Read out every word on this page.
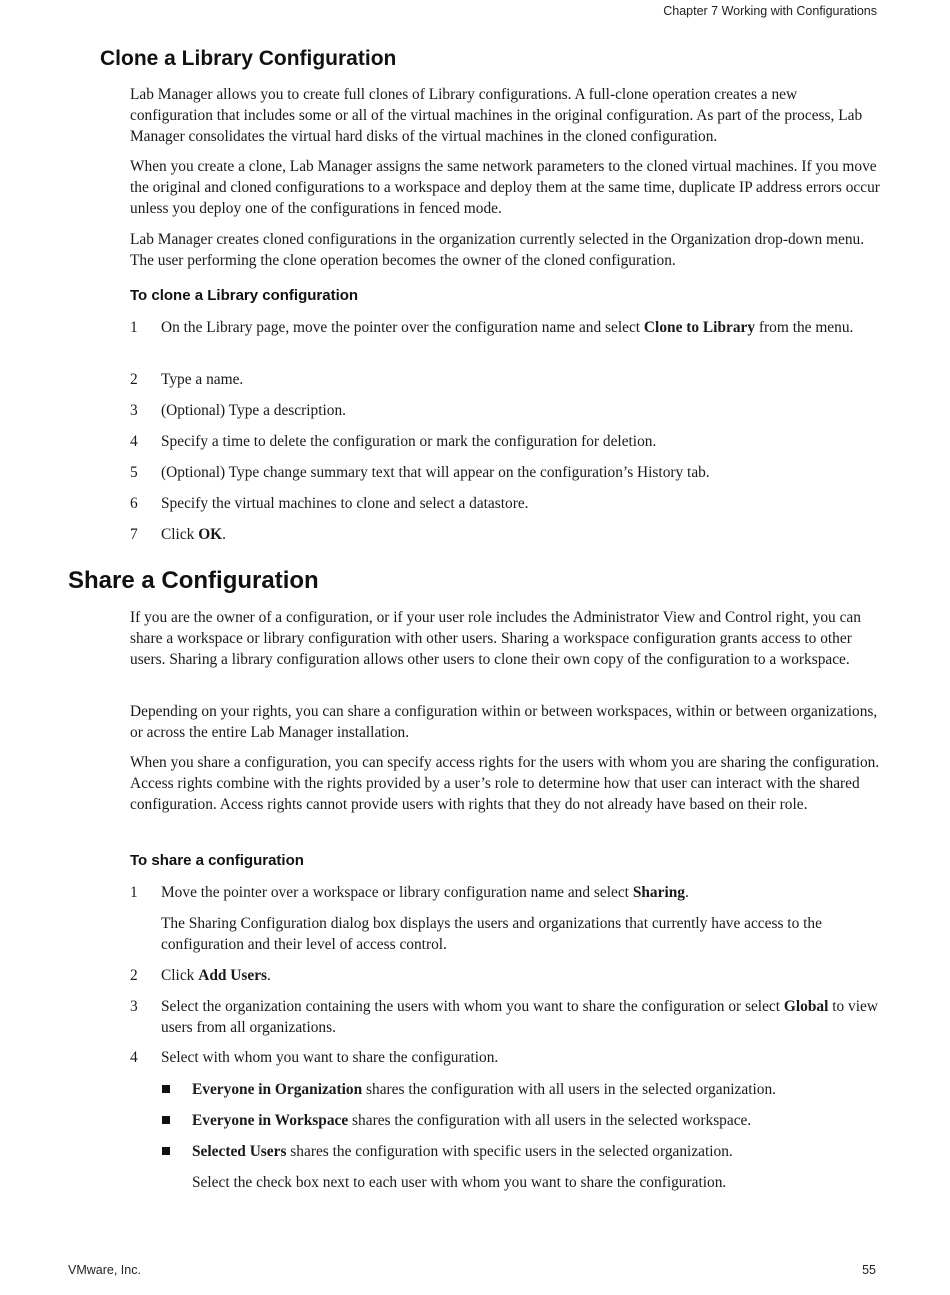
Chapter 7 Working with Configurations
Clone a Library Configuration

Lab Manager allows you to create full clones of Library configurations. A full-clone operation creates a new configuration that includes some or all of the virtual machines in the original configuration. As part of the process, Lab Manager consolidates the virtual hard disks of the virtual machines in the cloned configuration.

When you create a clone, Lab Manager assigns the same network parameters to the cloned virtual machines. If you move the original and cloned configurations to a workspace and deploy them at the same time, duplicate IP address errors occur unless you deploy one of the configurations in fenced mode.

Lab Manager creates cloned configurations in the organization currently selected in the Organization drop-down menu. The user performing the clone operation becomes the owner of the cloned configuration.

To clone a Library configuration
1 On the Library page, move the pointer over the configuration name and select Clone to Library from the menu.

2 Type a name.

3 (Optional) Type a description.

4 Specify a time to delete the configuration or mark the configuration for deletion.

5 (Optional) Type change summary text that will appear on the configuration’s History tab.

6 Specify the virtual machines to clone and select a datastore.

7 Click OK.

Share a Configuration

If you are the owner of a configuration, or if your user role includes the Administrator View and Control right, you can share a workspace or library configuration with other users. Sharing a workspace configuration grants access to other users. Sharing a library configuration allows other users to clone their own copy of the configuration to a workspace.

Depending on your rights, you can share a configuration within or between workspaces, within or between organizations, or across the entire Lab Manager installation.

When you share a configuration, you can specify access rights for the users with whom you are sharing the configuration. Access rights combine with the rights provided by a user’s role to determine how that user can interact with the shared configuration. Access rights cannot provide users with rights that they do not already have based on their role.

To share a configuration
1 Move the pointer over a workspace or library configuration name and select Sharing.

The Sharing Configuration dialog box displays the users and organizations that currently have access to the configuration and their level of access control.

2 Click Add Users.

3 Select the organization containing the users with whom you want to share the configuration or select Global to view users from all organizations.

4 Select with whom you want to share the configuration.

Everyone in Organization shares the configuration with all users in the selected organization.

Everyone in Workspace shares the configuration with all users in the selected workspace.

Selected Users shares the configuration with specific users in the selected organization.

Select the check box next to each user with whom you want to share the configuration.

VMware, Inc.	55
